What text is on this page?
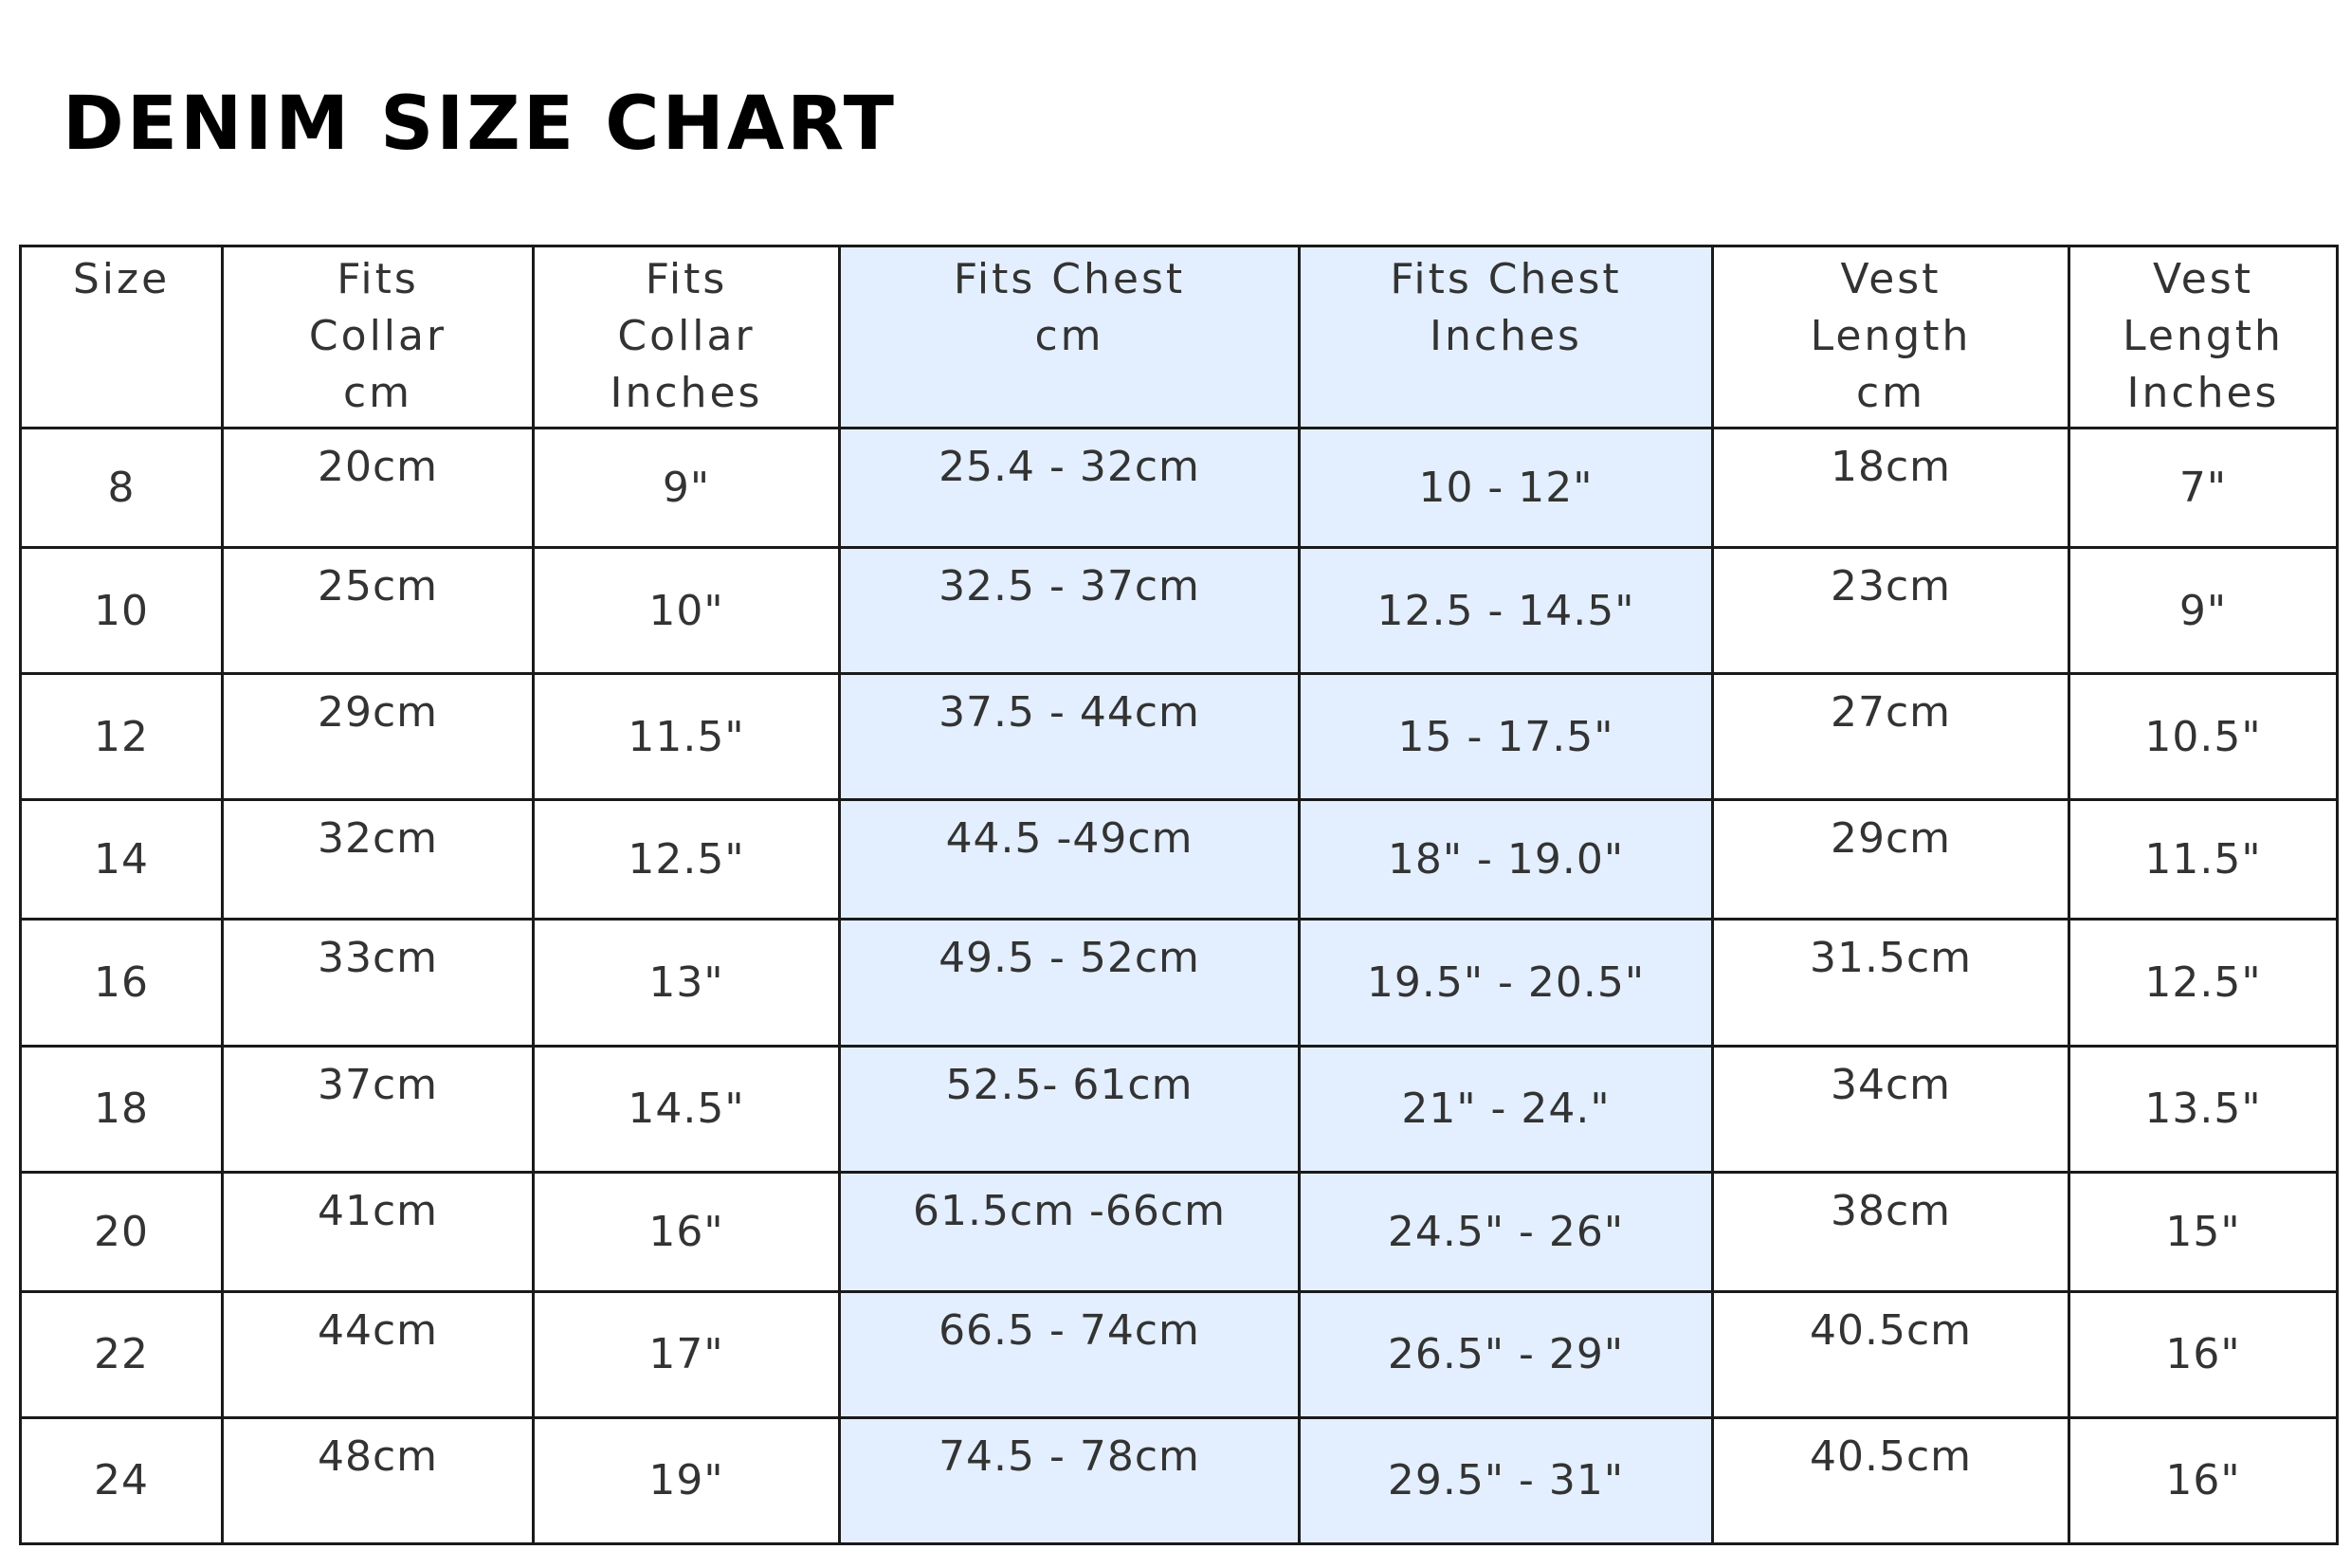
DENIM SIZE CHART
Size	Fits
Collar
cm	Fits
Collar
Inches	Fits Chest
cm	Fits Chest
Inches	Vest
Length
cm	Vest
Length
Inches
8	20cm	9"	25.4 - 32cm	10 - 12"	18cm	7"
10	25cm	10"	32.5 - 37cm	12.5 - 14.5"	23cm	9"
12	29cm	11.5"	37.5 - 44cm	15 - 17.5"	27cm	10.5"
14	32cm	12.5"	44.5 -49cm	18" - 19.0"	29cm	11.5"
16	33cm	13"	49.5 - 52cm	19.5" - 20.5"	31.5cm	12.5"
18	37cm	14.5"	52.5- 61cm	21" - 24."	34cm	13.5"
20	41cm	16"	61.5cm -66cm	24.5" - 26"	38cm	15"
22	44cm	17"	66.5 - 74cm	26.5" - 29"	40.5cm	16"
24	48cm	19"	74.5 - 78cm	29.5" - 31"	40.5cm	16"
